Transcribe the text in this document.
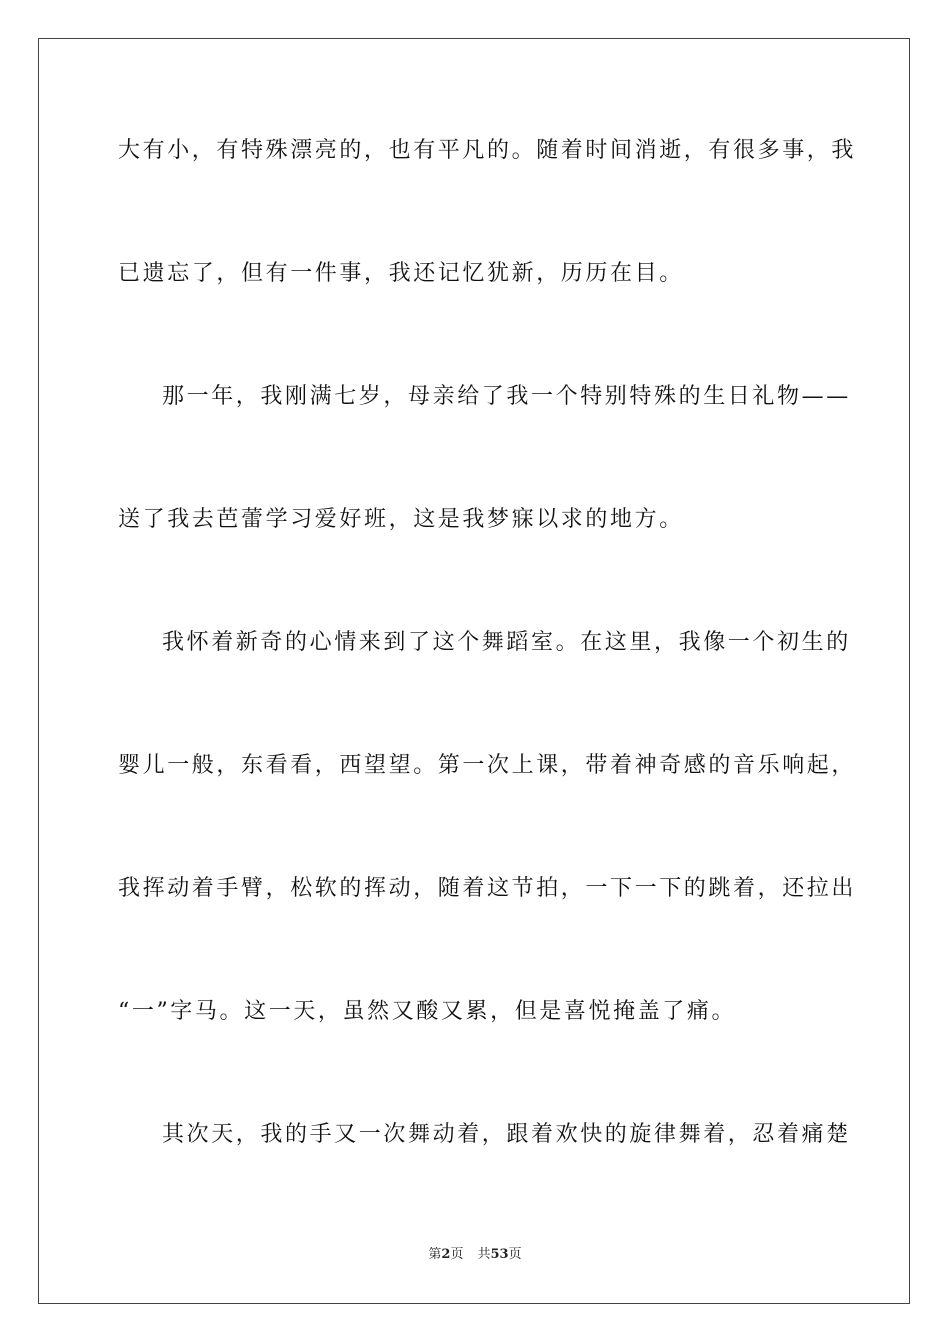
大有小，有特殊漂亮的，也有平凡的。随着时间消逝，有很多事，我
已遗忘了，但有一件事，我还记忆犹新，历历在目。
那一年，我刚满七岁，母亲给了我一个特别特殊的生日礼物——
送了我去芭蕾学习爱好班，这是我梦寐以求的地方。
我怀着新奇的心情来到了这个舞蹈室。在这里，我像一个初生的
婴儿一般，东看看，西望望。第一次上课，带着神奇感的音乐响起，
我挥动着手臂，松软的挥动，随着这节拍，一下一下的跳着，还拉出
“一”字马。这一天，虽然又酸又累，但是喜悦掩盖了痛。
其次天，我的手又一次舞动着，跟着欢快的旋律舞着，忍着痛楚
第2页 共53页
